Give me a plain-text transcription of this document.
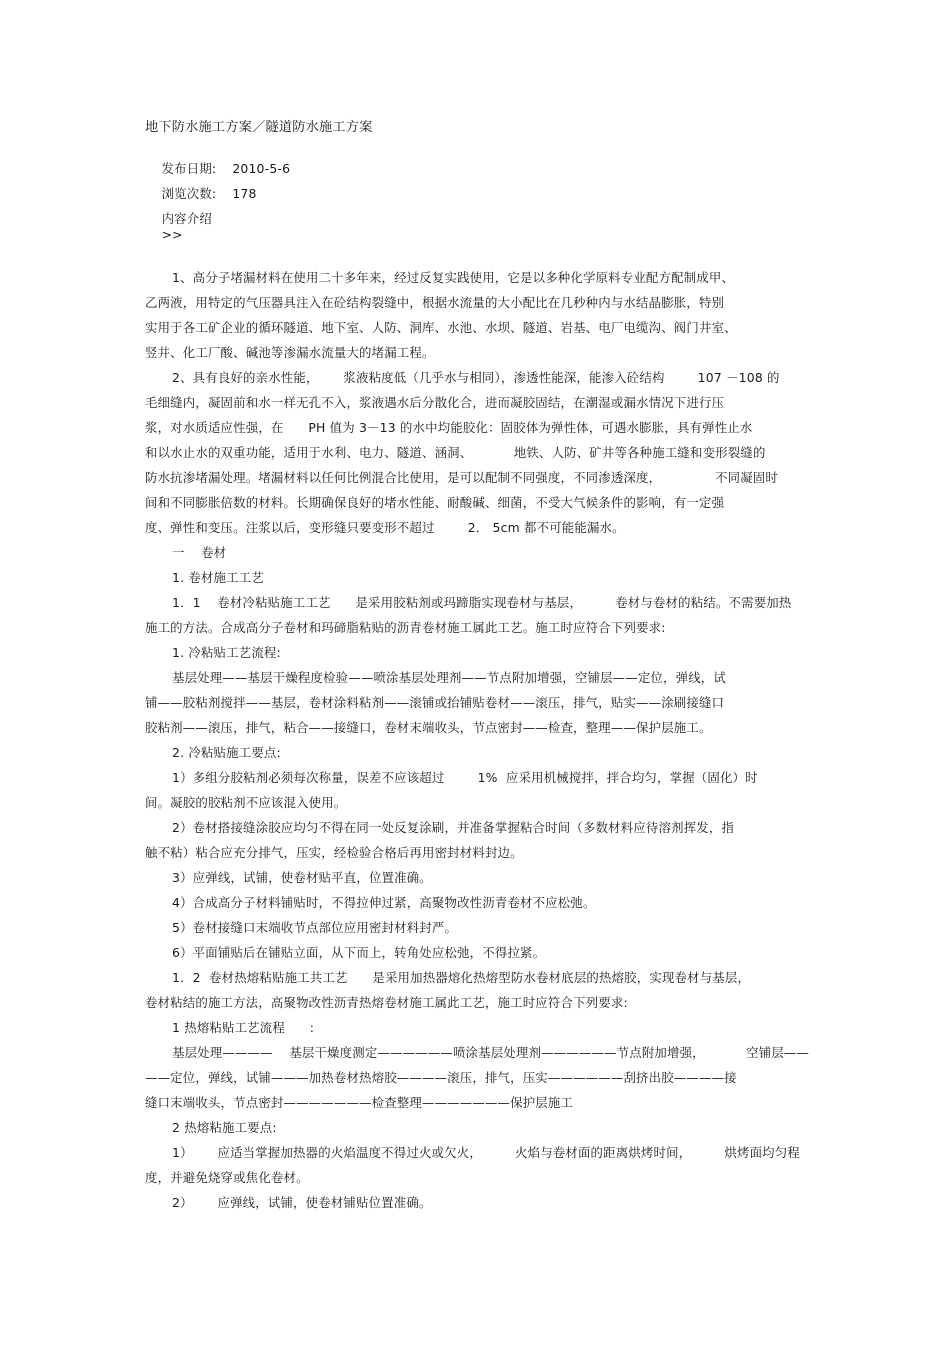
地下防水施工方案／隧道防水施工方案

发布日期: 2010-5-6

浏览次数: 178

内容介绍
>>

1、高分子堵漏材料在使用二十多年来，经过反复实践使用，它是以多种化学原料专业配方配制成甲、
乙两液，用特定的气压器具注入在砼结构裂缝中，根据水流量的大小配比在几秒种内与水结晶膨胀，特别
实用于各工矿企业的循环隧道、地下室、人防、洞库、水池、水坝、隧道、岩基、电厂电缆沟、阀门井室、
竖井、化工厂酸、碱池等渗漏水流量大的堵漏工程。
2、具有良好的亲水性能，      浆液粘度低（几乎水与相同），渗透性能深，能渗入砼结构        107 －108 的
毛细缝内，凝固前和水一样无孔不入，浆液遇水后分散化合，进而凝胶固结，在潮湿或漏水情况下进行压
浆，对水质适应性强，在      PH 值为 3－13 的水中均能胶化：固胶体为弹性体，可遇水膨胀，具有弹性止水
和以水止水的双重功能，适用于水利、电力、隧道、涵洞、          地铁、人防、矿井等各种施工缝和变形裂缝的
防水抗渗堵漏处理。堵漏材料以任何比例混合比使用，是可以配制不同强度，不同渗透深度，             不同凝固时
间和不同膨胀倍数的材料。长期确保良好的堵水性能、耐酸碱、细菌，不受大气候条件的影响，有一定强
度、弹性和变压。注浆以后，变形缝只要变形不超过        2． 5cm 都不可能能漏水。
一    卷材
1. 卷材施工工艺
1．1    卷材冷粘贴施工工艺      是采用胶粘剂或玛蹄脂实现卷材与基层，        卷材与卷材的粘结。不需要加热
施工的方法。合成高分子卷材和玛碲脂粘贴的沥青卷材施工属此工艺。施工时应符合下列要求:
1. 冷粘贴工艺流程:
基层处理——基层干燥程度检验——喷涂基层处理剂——节点附加增强，空铺层——定位，弹线，试
铺——胶粘剂搅拌——基层，卷材涂料粘剂——滚铺或抬铺贴卷材——滚压，排气，贴实——涂刷接缝口
胶粘剂——滚压，排气，粘合——接缝口，卷材末端收头，节点密封——检查，整理——保护层施工。
2. 冷粘贴施工要点:
1）多组分胶粘剂必须每次称量，误差不应该超过        1%  应采用机械搅拌，拌合均匀，掌握（固化）时
间。凝胶的胶粘剂不应该混入使用。
2）卷材搭接缝涂胶应均匀不得在同一处反复涂刷，并准备掌握粘合时间（多数材料应待溶剂挥发，指
触不粘）粘合应充分排气，压实，经检验合格后再用密封材料封边。
3）应弹线，试铺，使卷材贴平直，位置准确。
4）合成高分子材料铺贴时，不得拉伸过紧，高聚物改性沥青卷材不应松弛。
5）卷材接缝口末端收节点部位应用密封材料封严。
6）平面铺贴后在铺贴立面，从下而上，转角处应松弛，不得拉紧。
1．2  卷材热熔粘贴施工共工艺      是采用加热器熔化热熔型防水卷材底层的热熔胶，实现卷材与基层，
卷材粘结的施工方法，高聚物改性沥青热熔卷材施工属此工艺，施工时应符合下列要求:
1 热熔粘贴工艺流程      :
基层处理————    基层干燥度测定——————喷涂基层处理剂——————节点附加增强，          空铺层——
——定位，弹线，试铺———加热卷材热熔胶————滚压，排气，压实——————刮挤出胶————接
缝口末端收头，节点密封———————检查整理———————保护层施工
2 热熔粘施工要点:
1）      应适当掌握加热器的火焰温度不得过火或欠火，        火焰与卷材面的距离烘烤时间，        烘烤面均匀程
度，并避免烧穿或焦化卷材。
2）      应弹线，试铺，使卷材铺贴位置准确。
